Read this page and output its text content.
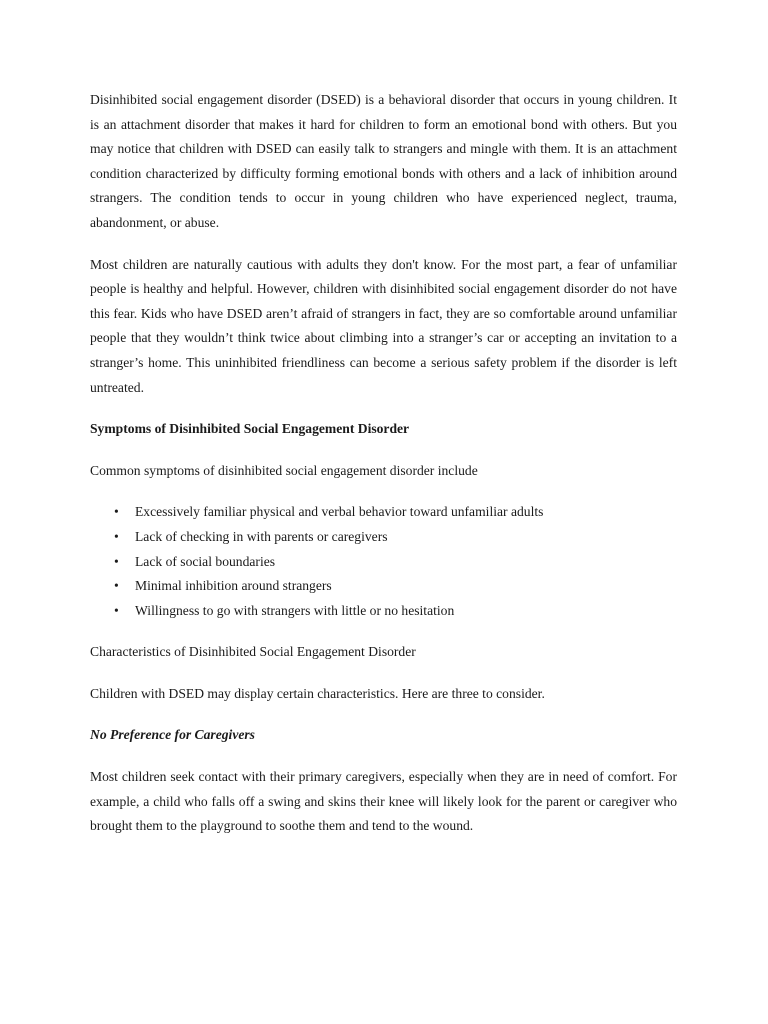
Disinhibited social engagement disorder (DSED) is a behavioral disorder that occurs in young children. It is an attachment disorder that makes it hard for children to form an emotional bond with others. But you may notice that children with DSED can easily talk to strangers and mingle with them. It is an attachment condition characterized by difficulty forming emotional bonds with others and a lack of inhibition around strangers. The condition tends to occur in young children who have experienced neglect, trauma, abandonment, or abuse.

Most children are naturally cautious with adults they don't know. For the most part, a fear of unfamiliar people is healthy and helpful. However, children with disinhibited social engagement disorder do not have this fear. Kids who have DSED aren’t afraid of strangers in fact, they are so comfortable around unfamiliar people that they wouldn’t think twice about climbing into a stranger’s car or accepting an invitation to a stranger’s home. This uninhibited friendliness can become a serious safety problem if the disorder is left untreated.

Symptoms of Disinhibited Social Engagement Disorder

Common symptoms of disinhibited social engagement disorder include

• Excessively familiar physical and verbal behavior toward unfamiliar adults
• Lack of checking in with parents or caregivers
• Lack of social boundaries
• Minimal inhibition around strangers
• Willingness to go with strangers with little or no hesitation

Characteristics of Disinhibited Social Engagement Disorder

Children with DSED may display certain characteristics. Here are three to consider.

No Preference for Caregivers

Most children seek contact with their primary caregivers, especially when they are in need of comfort. For example, a child who falls off a swing and skins their knee will likely look for the parent or caregiver who brought them to the playground to soothe them and tend to the wound.
